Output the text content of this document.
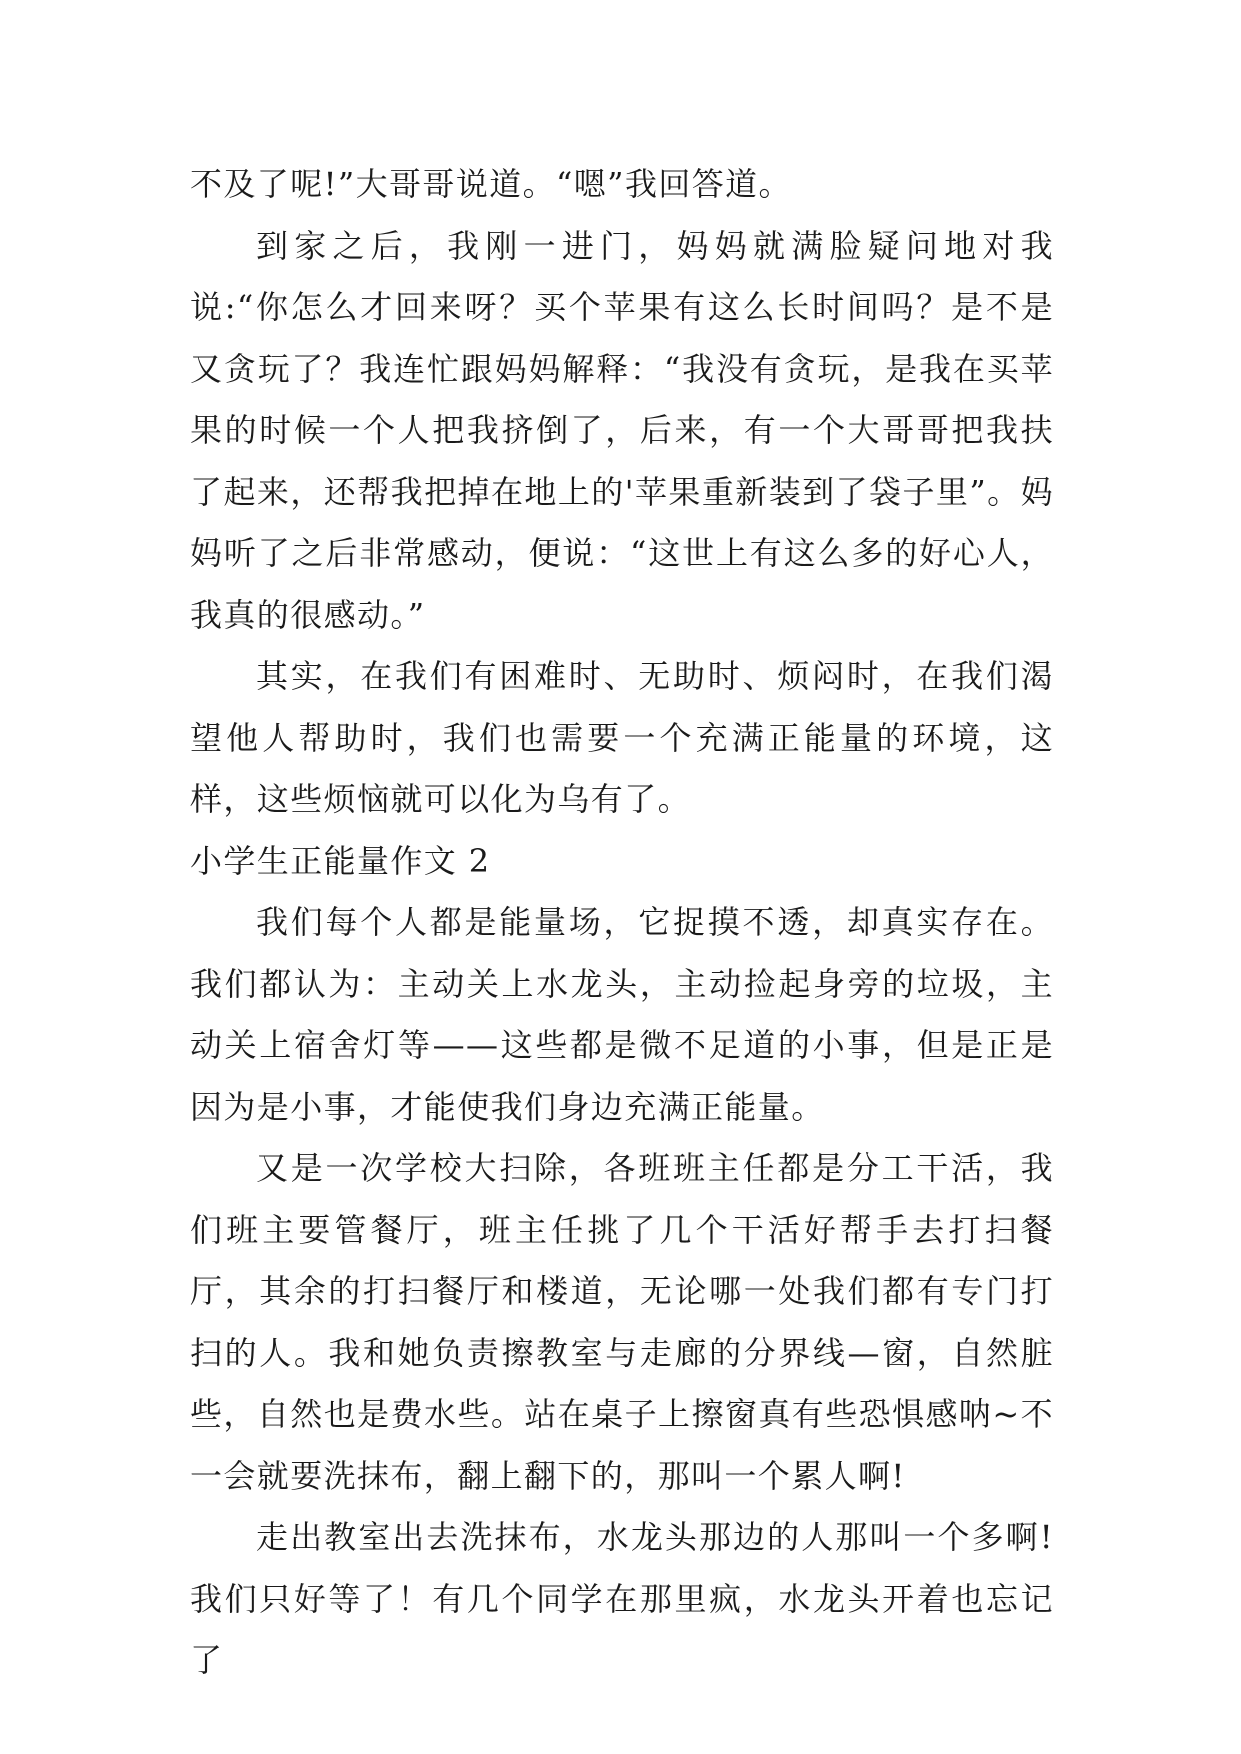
不及了呢!”大哥哥说道。“嗯”我回答道。

到家之后，我刚一进门，妈妈就满脸疑问地对我说:“你怎么才回来呀？买个苹果有这么长时间吗？是不是又贪玩了？我连忙跟妈妈解释：“我没有贪玩，是我在买苹果的时候一个人把我挤倒了，后来，有一个大哥哥把我扶了起来，还帮我把掉在地上的'苹果重新装到了袋子里”。妈妈听了之后非常感动，便说：“这世上有这么多的好心人，我真的很感动。”

其实，在我们有困难时、无助时、烦闷时，在我们渴望他人帮助时，我们也需要一个充满正能量的环境，这样，这些烦恼就可以化为乌有了。

小学生正能量作文 2

我们每个人都是能量场，它捉摸不透，却真实存在。我们都认为：主动关上水龙头，主动捡起身旁的垃圾，主动关上宿舍灯等——这些都是微不足道的小事，但是正是因为是小事，才能使我们身边充满正能量。

又是一次学校大扫除，各班班主任都是分工干活，我们班主要管餐厅，班主任挑了几个干活好帮手去打扫餐厅，其余的打扫餐厅和楼道，无论哪一处我们都有专门打扫的人。我和她负责擦教室与走廊的分界线—窗，自然脏些，自然也是费水些。站在桌子上擦窗真有些恐惧感呐~不一会就要洗抹布，翻上翻下的，那叫一个累人啊!

走出教室出去洗抹布，水龙头那边的人那叫一个多啊!我们只好等了！有几个同学在那里疯，水龙头开着也忘记了
